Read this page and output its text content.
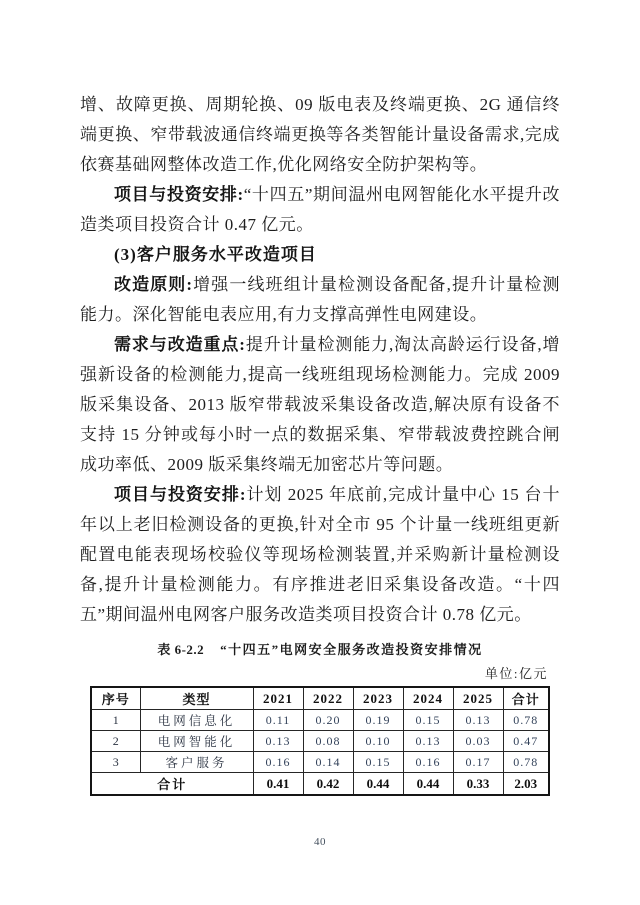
增、故障更换、周期轮换、09 版电表及终端更换、2G 通信终端更换、窄带载波通信终端更换等各类智能计量设备需求,完成依赛基础网整体改造工作,优化网络安全防护架构等。

项目与投资安排:“十四五”期间温州电网智能化水平提升改造类项目投资合计 0.47 亿元。

(3)客户服务水平改造项目

改造原则:增强一线班组计量检测设备配备,提升计量检测能力。深化智能电表应用,有力支撑高弹性电网建设。

需求与改造重点:提升计量检测能力,淘汰高龄运行设备,增强新设备的检测能力,提高一线班组现场检测能力。完成 2009 版采集设备、2013 版窄带载波采集设备改造,解决原有设备不支持 15 分钟或每小时一点的数据采集、窄带载波费控跳合闸成功率低、2009 版采集终端无加密芯片等问题。

项目与投资安排:计划 2025 年底前,完成计量中心 15 台十年以上老旧检测设备的更换,针对全市 95 个计量一线班组更新配置电能表现场校验仪等现场检测装置,并采购新计量检测设备,提升计量检测能力。有序推进老旧采集设备改造。“十四五”期间温州电网客户服务改造类项目投资合计 0.78 亿元。

表 6-2.2 “十四五”电网安全服务改造投资安排情况
单位:亿元
序号	类型	2021	2022	2023	2024	2025	合计
1	电网信息化	0.11	0.20	0.19	0.15	0.13	0.78
2	电网智能化	0.13	0.08	0.10	0.13	0.03	0.47
3	客户服务	0.16	0.14	0.15	0.16	0.17	0.78
合计		0.41	0.42	0.44	0.44	0.33	2.03
40
